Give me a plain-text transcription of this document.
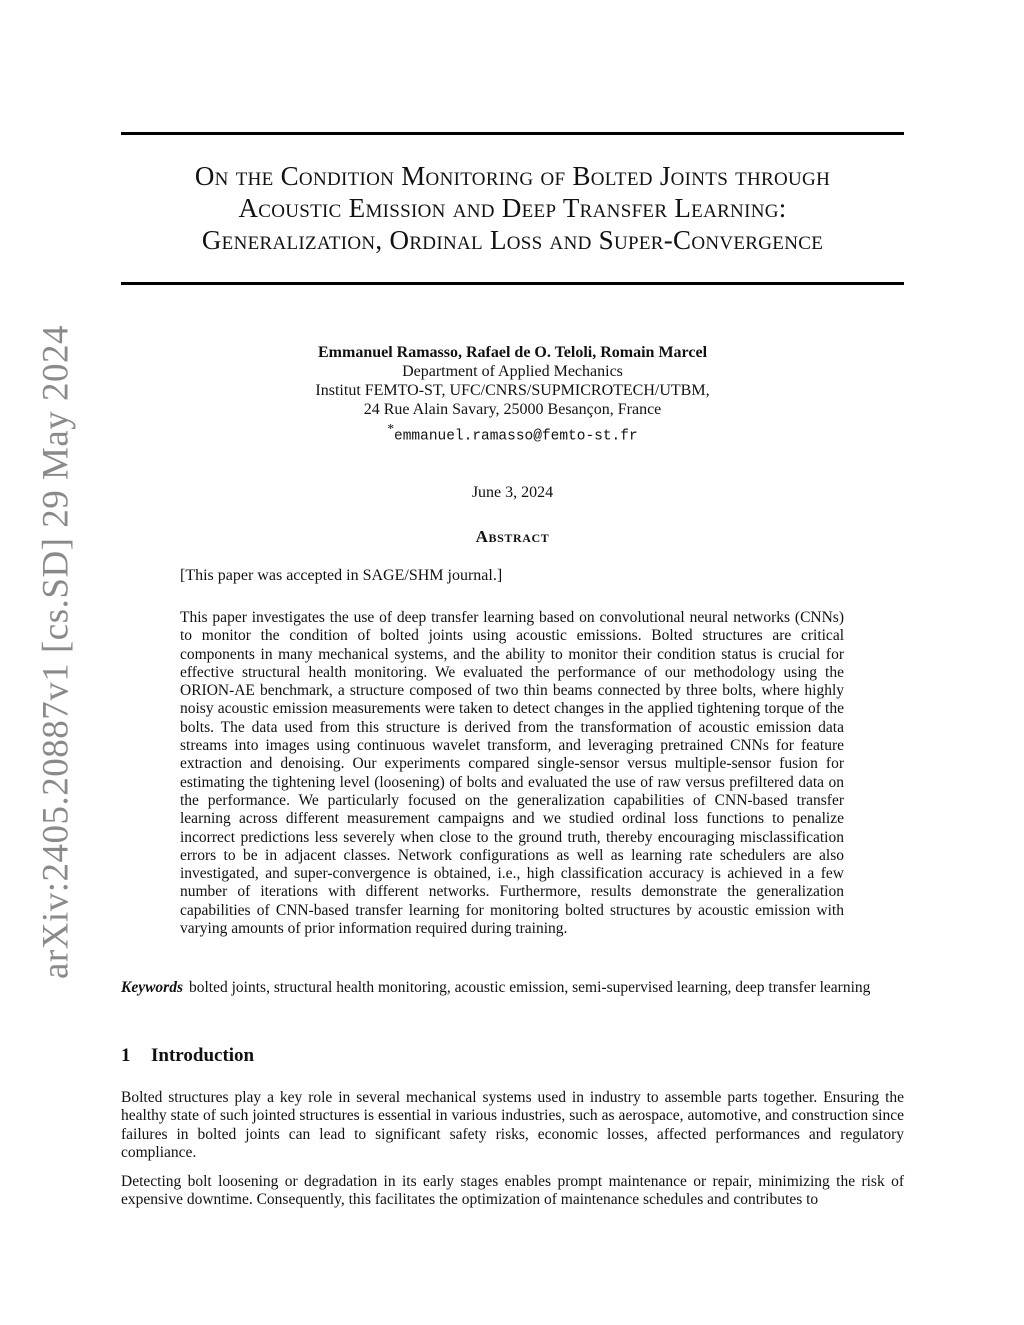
arXiv:2405.20887v1 [cs.SD] 29 May 2024
On the Condition Monitoring of Bolted Joints through
Acoustic Emission and Deep Transfer Learning:
Generalization, Ordinal Loss and Super-Convergence
Emmanuel Ramasso, Rafael de O. Teloli, Romain Marcel
Department of Applied Mechanics
Institut FEMTO-ST, UFC/CNRS/SUPMICROTECH/UTBM,
24 Rue Alain Savary, 25000 Besançon, France
*emmanuel.ramasso@femto-st.fr
June 3, 2024
Abstract
[This paper was accepted in SAGE/SHM journal.]
This paper investigates the use of deep transfer learning based on convolutional neural networks (CNNs) to monitor the condition of bolted joints using acoustic emissions. Bolted structures are critical components in many mechanical systems, and the ability to monitor their condition status is crucial for effective structural health monitoring. We evaluated the performance of our methodology using the ORION-AE benchmark, a structure composed of two thin beams connected by three bolts, where highly noisy acoustic emission measurements were taken to detect changes in the applied tightening torque of the bolts. The data used from this structure is derived from the transformation of acoustic emission data streams into images using continuous wavelet transform, and leveraging pretrained CNNs for feature extraction and denoising. Our experiments compared single-sensor versus multiple-sensor fusion for estimating the tightening level (loosening) of bolts and evaluated the use of raw versus prefiltered data on the performance. We particularly focused on the generalization capabilities of CNN-based transfer learning across different measurement campaigns and we studied ordinal loss functions to penalize incorrect predictions less severely when close to the ground truth, thereby encouraging misclassification errors to be in adjacent classes. Network configurations as well as learning rate schedulers are also investigated, and super-convergence is obtained, i.e., high classification accuracy is achieved in a few number of iterations with different networks. Furthermore, results demonstrate the generalization capabilities of CNN-based transfer learning for monitoring bolted structures by acoustic emission with varying amounts of prior information required during training.
Keywords bolted joints, structural health monitoring, acoustic emission, semi-supervised learning, deep transfer learning
1 Introduction
Bolted structures play a key role in several mechanical systems used in industry to assemble parts together. Ensuring the healthy state of such jointed structures is essential in various industries, such as aerospace, automotive, and construction since failures in bolted joints can lead to significant safety risks, economic losses, affected performances and regulatory compliance.
Detecting bolt loosening or degradation in its early stages enables prompt maintenance or repair, minimizing the risk of expensive downtime. Consequently, this facilitates the optimization of maintenance schedules and contributes to
